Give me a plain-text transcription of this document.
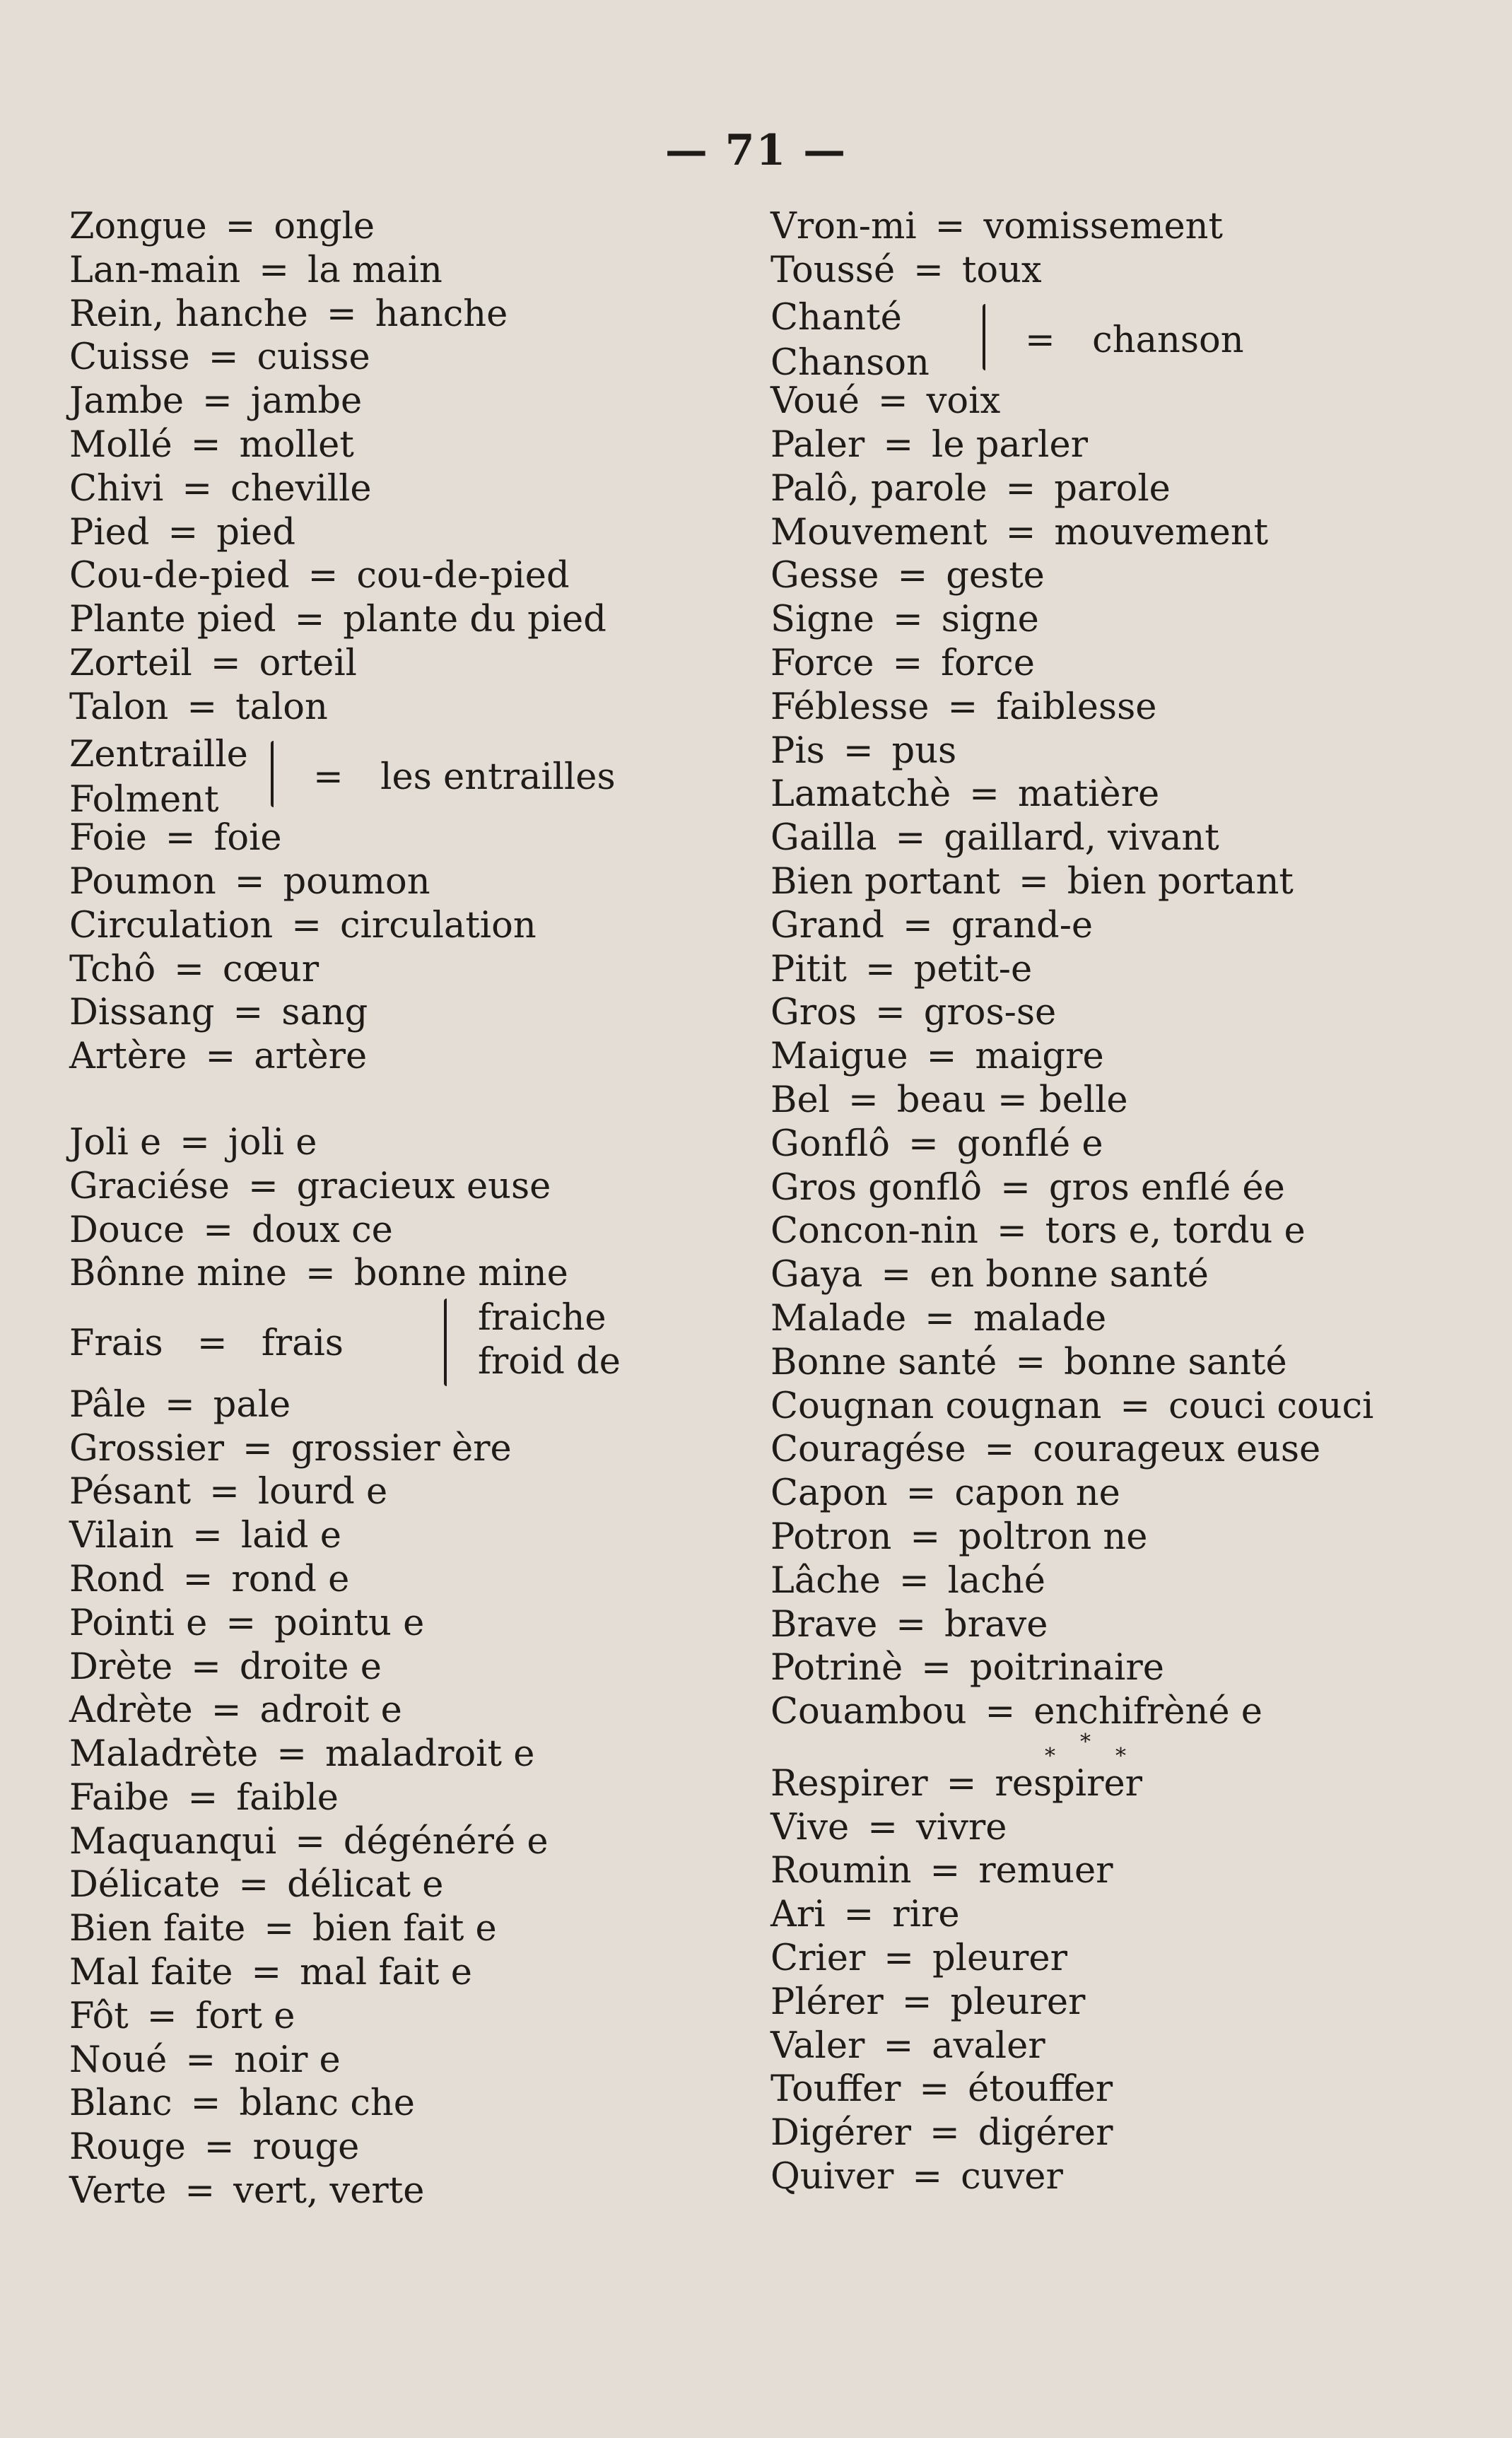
— 71 —
Zongue = ongle
Lan-main = la main
Rein, hanche = hanche
Cuisse = cuisse
Jambe = jambe
Mollé = mollet
Chivi = cheville
Pied = pied
Cou-de-pied = cou-de-pied
Plante pied = plante du pied
Zorteil = orteil
Talon = talon
Zentraille
Folment
= les entrailles
Foie = foie
Poumon = poumon
Circulation = circulation
Tchô = cœur
Dissang = sang
Artère = artère
Joli e = joli e
Graciése = gracieux euse
Douce = doux ce
Bônne mine = bonne mine
Frais = frais
fraiche
froid de
Pâle = pale
Grossier = grossier ère
Pésant = lourd e
Vilain = laid e
Rond = rond e
Pointi e = pointu e
Drète = droite e
Adrète = adroit e
Maladrète = maladroit e
Faibe = faible
Maquanqui = dégénéré e
Délicate = délicat e
Bien faite = bien fait e
Mal faite = mal fait e
Fôt = fort e
Noué = noir e
Blanc = blanc che
Rouge = rouge
Verte = vert, verte
Vron-mi = vomissement
Toussé = toux
Chanté
Chanson
= chanson
Voué = voix
Paler = le parler
Palô, parole = parole
Mouvement = mouvement
Gesse = geste
Signe = signe
Force = force
Féblesse = faiblesse
Pis = pus
Lamatchè = matière
Gailla = gaillard, vivant
Bien portant = bien portant
Grand = grand-e
Pitit = petit-e
Gros = gros-se
Maigue = maigre
Bel = beau = belle
Gonflô = gonflé e
Gros gonflô = gros enflé ée
Concon-nin = tors e, tordu e
Gaya = en bonne santé
Malade = malade
Bonne santé = bonne santé
Cougnan cougnan = couci couci
Couragése = courageux euse
Capon = capon ne
Potron = poltron ne
Lâche = laché
Brave = brave
Potrinè = poitrinaire
Couambou = enchifrèné e
*
*	*
Respirer = respirer
Vive = vivre
Roumin = remuer
Ari = rire
Crier = pleurer
Plérer = pleurer
Valer = avaler
Touffer = étouffer
Digérer = digérer
Quiver = cuver
